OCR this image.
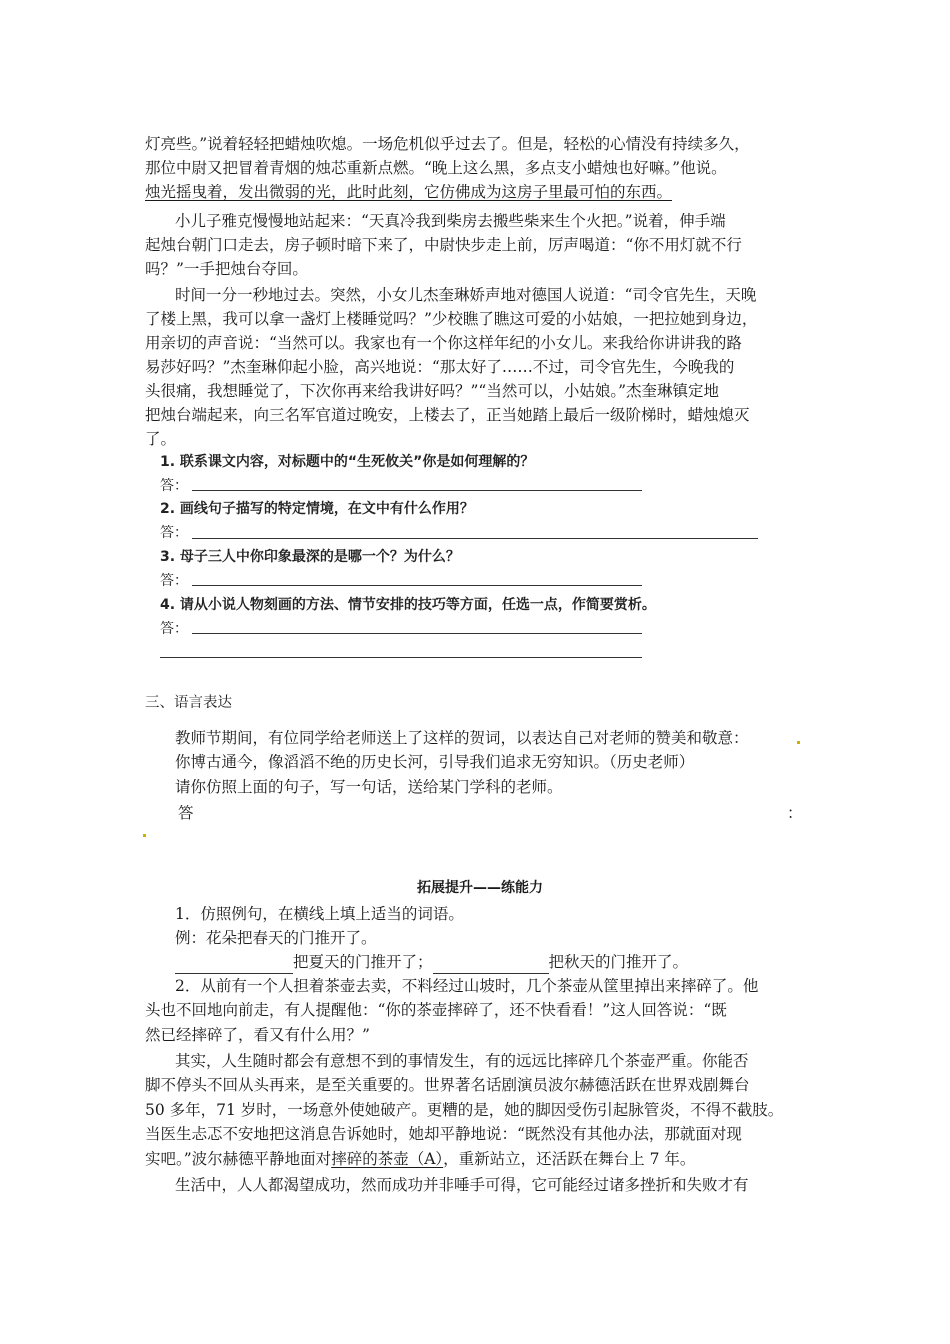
灯亮些。”说着轻轻把蜡烛吹熄。一场危机似乎过去了。但是，轻松的心情没有持续多久，
那位中尉又把冒着青烟的烛芯重新点燃。“晚上这么黑，多点支小蜡烛也好嘛。”他说。
烛光摇曳着，发出微弱的光，此时此刻，它仿佛成为这房子里最可怕的东西。
小儿子雅克慢慢地站起来：“天真冷我到柴房去搬些柴来生个火把。”说着，伸手端
起烛台朝门口走去，房子顿时暗下来了，中尉快步走上前，厉声喝道：“你不用灯就不行
吗？”一手把烛台夺回。
时间一分一秒地过去。突然，小女儿杰奎琳娇声地对德国人说道：“司令官先生，天晚
了楼上黑，我可以拿一盏灯上楼睡觉吗？”少校瞧了瞧这可爱的小姑娘，一把拉她到身边，
用亲切的声音说：“当然可以。我家也有一个你这样年纪的小女儿。来我给你讲讲我的路
易莎好吗？”杰奎琳仰起小脸，高兴地说：“那太好了……不过，司令官先生，今晚我的
头很痛，我想睡觉了，下次你再来给我讲好吗？”“当然可以，小姑娘。”杰奎琳镇定地
把烛台端起来，向三名军官道过晚安，上楼去了，正当她踏上最后一级阶梯时，蜡烛熄灭
了。
1. 联系课文内容，对标题中的“生死攸关”你是如何理解的？
答：
2. 画线句子描写的特定情境，在文中有什么作用？
答：
3. 母子三人中你印象最深的是哪一个？为什么？
答：
4. 请从小说人物刻画的方法、情节安排的技巧等方面，任选一点，作简要赏析。
答：
三、语言表达
教师节期间，有位同学给老师送上了这样的贺词，以表达自己对老师的赞美和敬意：
你博古通今，像滔滔不绝的历史长河，引导我们追求无穷知识。（历史老师）
请你仿照上面的句子，写一句话，送给某门学科的老师。
答	：
拓展提升——练能力
1．仿照例句，在横线上填上适当的词语。
例：花朵把春天的门推开了。
把夏天的门推开了；	把秋天的门推开了。
2．从前有一个人担着茶壶去卖，不料经过山坡时，几个茶壶从筐里掉出来摔碎了。他
头也不回地向前走，有人提醒他：“你的茶壶摔碎了，还不快看看！”这人回答说：“既
然已经摔碎了，看又有什么用？”
其实，人生随时都会有意想不到的事情发生，有的远远比摔碎几个茶壶严重。你能否
脚不停头不回从头再来，是至关重要的。世界著名话剧演员波尔赫德活跃在世界戏剧舞台
50 多年，71 岁时，一场意外使她破产。更糟的是，她的脚因受伤引起脉管炎，不得不截肢。
当医生忐忑不安地把这消息告诉她时，她却平静地说：“既然没有其他办法，那就面对现
实吧。”波尔赫德平静地面对摔碎的茶壶（A），重新站立，还活跃在舞台上 7 年。
生活中，人人都渴望成功，然而成功并非唾手可得，它可能经过诸多挫折和失败才有
